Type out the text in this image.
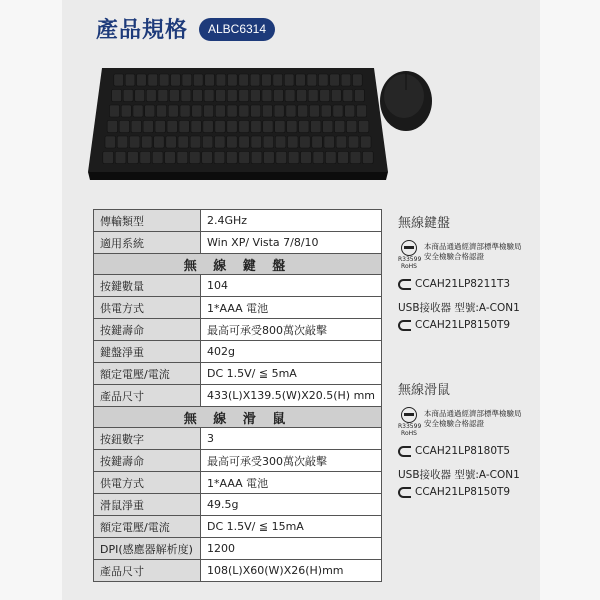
產品規格	ALBC6314
傳輸類型	2.4GHz
適用系統	Win XP/ Vista 7/8/10
無 線 鍵 盤	
按鍵數量	104
供電方式	1*AAA 電池
按鍵壽命	最高可承受800萬次敲擊
鍵盤淨重	402g
額定電壓/電流	DC 1.5V/ ≦ 5mA
產品尺寸	433(L)X139.5(W)X20.5(H) mm
無 線 滑 鼠	
按鈕數字	3
按鍵壽命	最高可承受300萬次敲擊
供電方式	1*AAA 電池
滑鼠淨重	49.5g
額定電壓/電流	DC 1.5V/ ≦ 15mA
DPI(感應器解析度)	1200
產品尺寸	108(L)X60(W)X26(H)mm
無線鍵盤
R33599
RoHS
本商品通過經濟部標準檢驗局
安全檢驗合格認證
CCAH21LP8211T3
USB接收器 型號:A-CON1
CCAH21LP8150T9
無線滑鼠
R33599
RoHS
本商品通過經濟部標準檢驗局
安全檢驗合格認證
CCAH21LP8180T5
USB接收器 型號:A-CON1
CCAH21LP8150T9
